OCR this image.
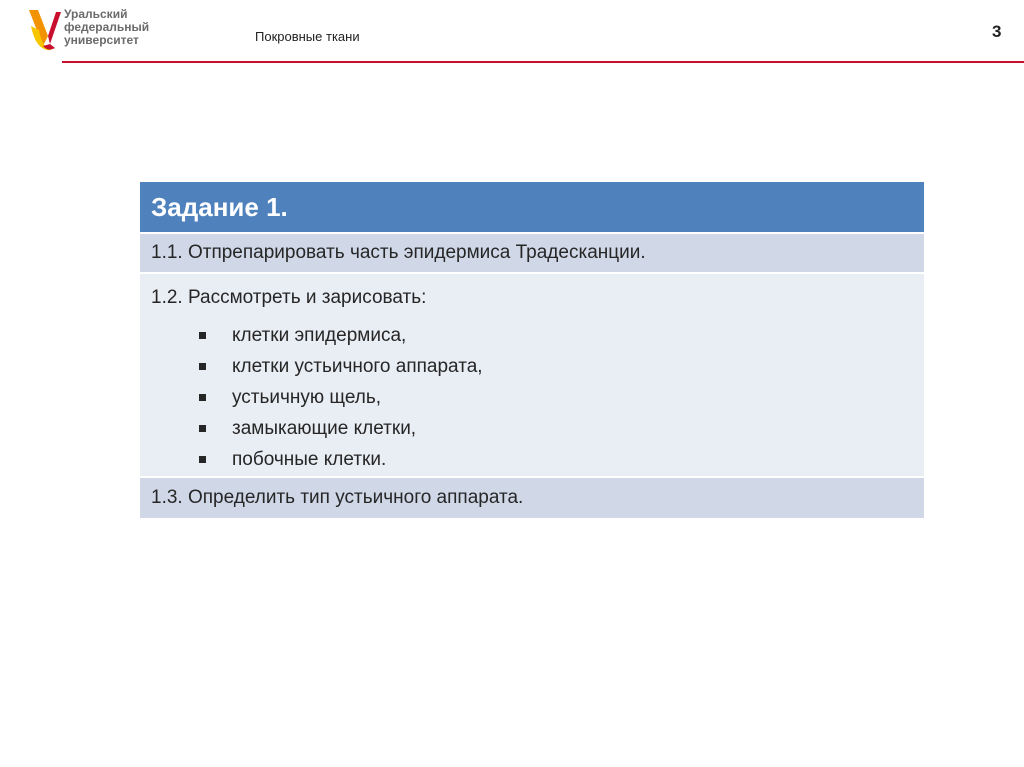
Уральский
федеральный
университет	Покровные ткани	3
Задание 1.
1.1. Отпрепарировать часть эпидермиса Традесканции.
1.2. Рассмотреть и зарисовать:
клетки эпидермиса,
клетки устьичного аппарата,
устьичную щель,
замыкающие клетки,
побочные клетки.
1.3. Определить тип устьичного аппарата.
